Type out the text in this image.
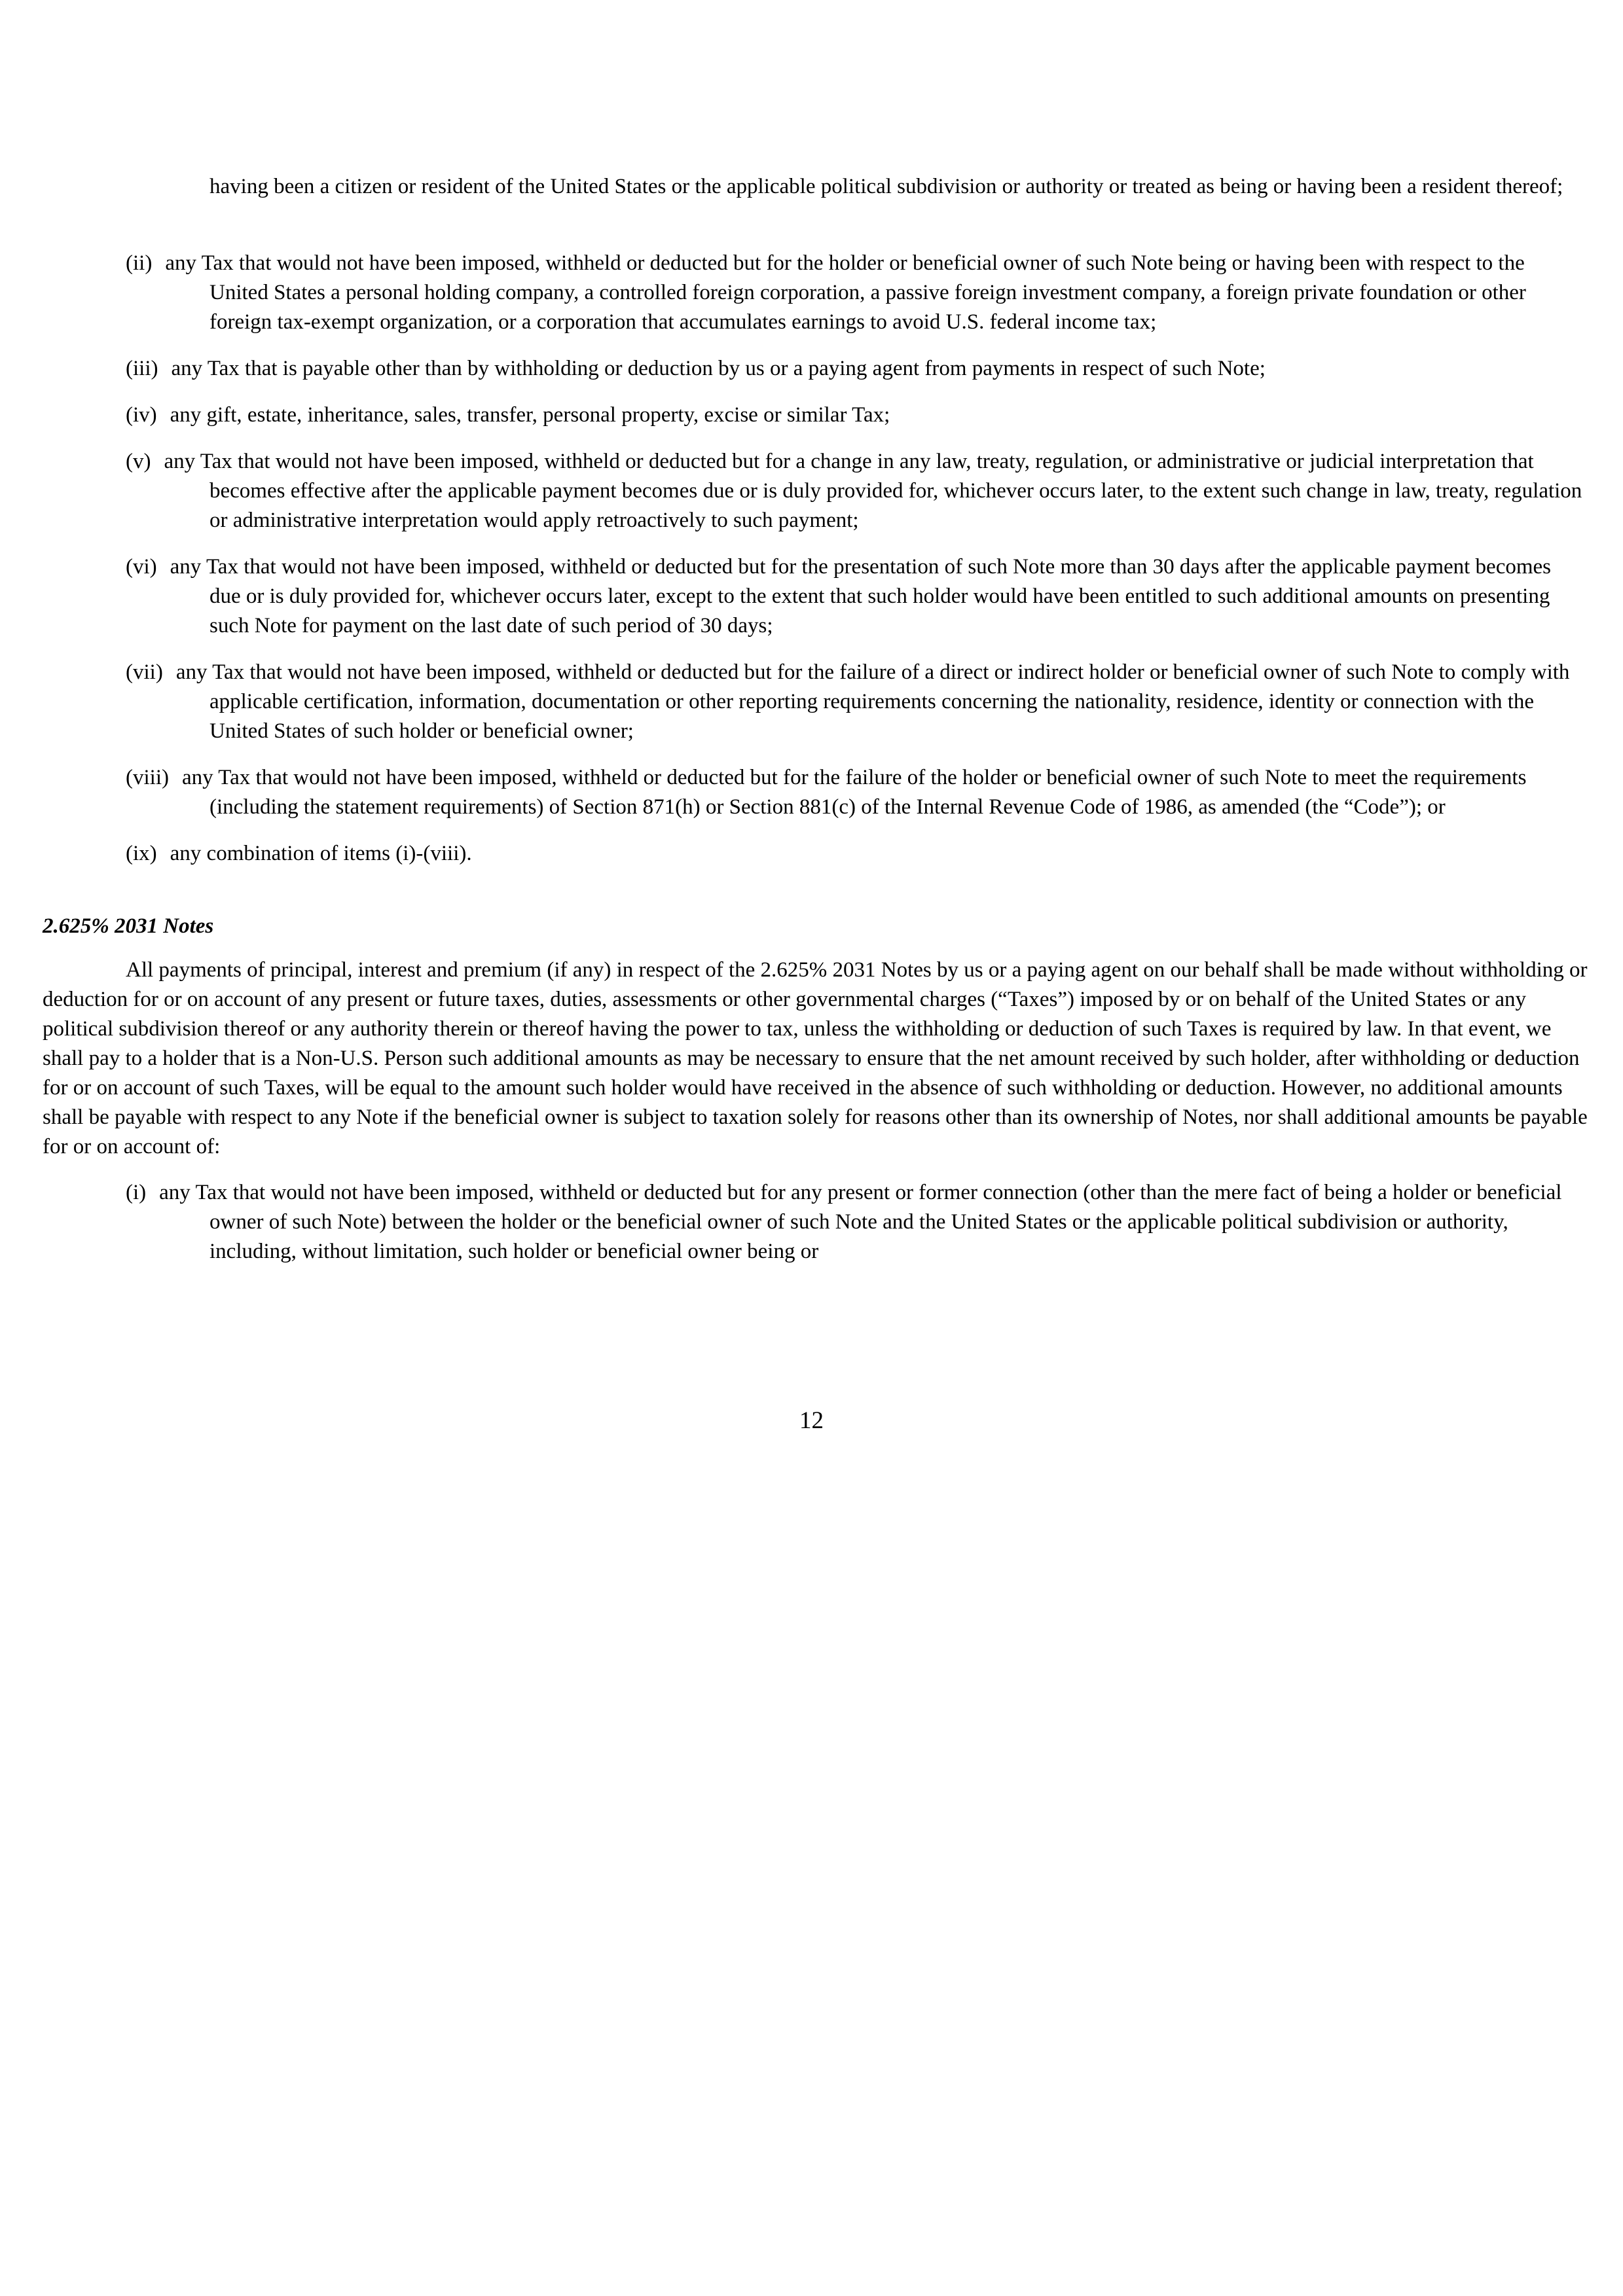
having been a citizen or resident of the United States or the applicable political subdivision or authority or treated as being or having been a resident thereof;

(ii) any Tax that would not have been imposed, withheld or deducted but for the holder or beneficial owner of such Note being or having been with respect to the United States a personal holding company, a controlled foreign corporation, a passive foreign investment company, a foreign private foundation or other foreign tax-exempt organization, or a corporation that accumulates earnings to avoid U.S. federal income tax;

(iii) any Tax that is payable other than by withholding or deduction by us or a paying agent from payments in respect of such Note;

(iv) any gift, estate, inheritance, sales, transfer, personal property, excise or similar Tax;

(v) any Tax that would not have been imposed, withheld or deducted but for a change in any law, treaty, regulation, or administrative or judicial interpretation that becomes effective after the applicable payment becomes due or is duly provided for, whichever occurs later, to the extent such change in law, treaty, regulation or administrative interpretation would apply retroactively to such payment;

(vi) any Tax that would not have been imposed, withheld or deducted but for the presentation of such Note more than 30 days after the applicable payment becomes due or is duly provided for, whichever occurs later, except to the extent that such holder would have been entitled to such additional amounts on presenting such Note for payment on the last date of such period of 30 days;

(vii) any Tax that would not have been imposed, withheld or deducted but for the failure of a direct or indirect holder or beneficial owner of such Note to comply with applicable certification, information, documentation or other reporting requirements concerning the nationality, residence, identity or connection with the United States of such holder or beneficial owner;

(viii) any Tax that would not have been imposed, withheld or deducted but for the failure of the holder or beneficial owner of such Note to meet the requirements (including the statement requirements) of Section 871(h) or Section 881(c) of the Internal Revenue Code of 1986, as amended (the “Code”); or

(ix) any combination of items (i)-(viii).

2.625% 2031 Notes

All payments of principal, interest and premium (if any) in respect of the 2.625% 2031 Notes by us or a paying agent on our behalf shall be made without withholding or deduction for or on account of any present or future taxes, duties, assessments or other governmental charges (“Taxes”) imposed by or on behalf of the United States or any political subdivision thereof or any authority therein or thereof having the power to tax, unless the withholding or deduction of such Taxes is required by law. In that event, we shall pay to a holder that is a Non-U.S. Person such additional amounts as may be necessary to ensure that the net amount received by such holder, after withholding or deduction for or on account of such Taxes, will be equal to the amount such holder would have received in the absence of such withholding or deduction. However, no additional amounts shall be payable with respect to any Note if the beneficial owner is subject to taxation solely for reasons other than its ownership of Notes, nor shall additional amounts be payable for or on account of:

(i) any Tax that would not have been imposed, withheld or deducted but for any present or former connection (other than the mere fact of being a holder or beneficial owner of such Note) between the holder or the beneficial owner of such Note and the United States or the applicable political subdivision or authority, including, without limitation, such holder or beneficial owner being or

12
